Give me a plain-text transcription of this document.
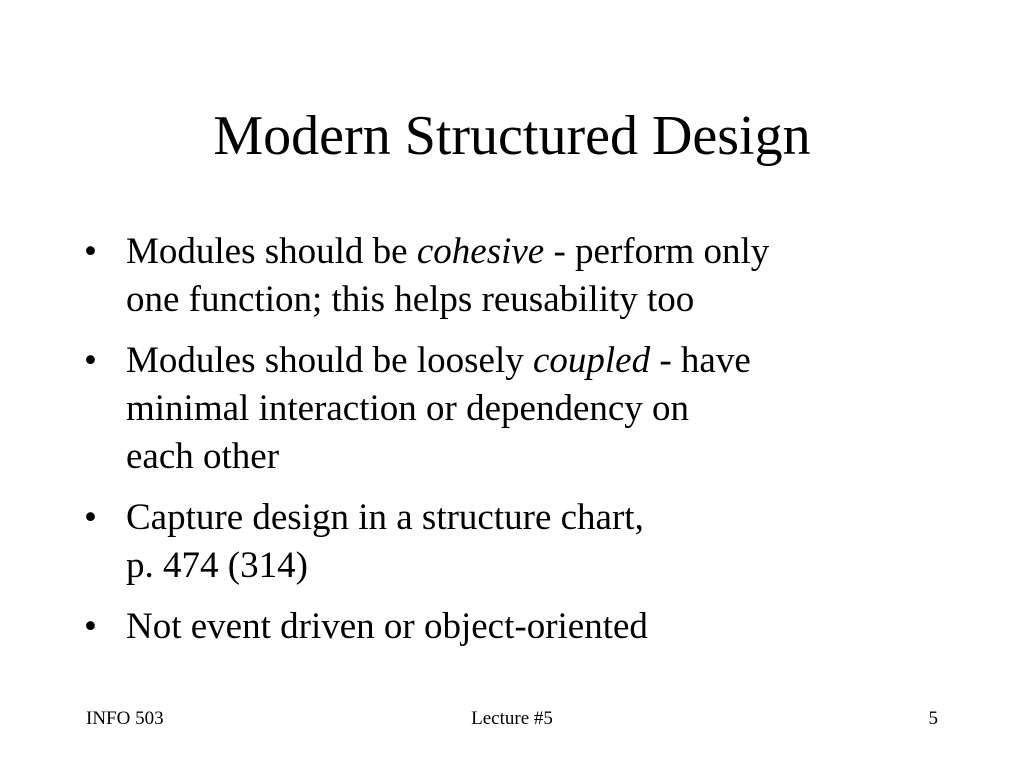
Modern Structured Design
• Modules should be cohesive - perform only
one function; this helps reusability too
• Modules should be loosely coupled - have
minimal interaction or dependency on
each other
• Capture design in a structure chart,
p. 474 (314)
• Not event driven or object-oriented
INFO 503	Lecture #5	5
